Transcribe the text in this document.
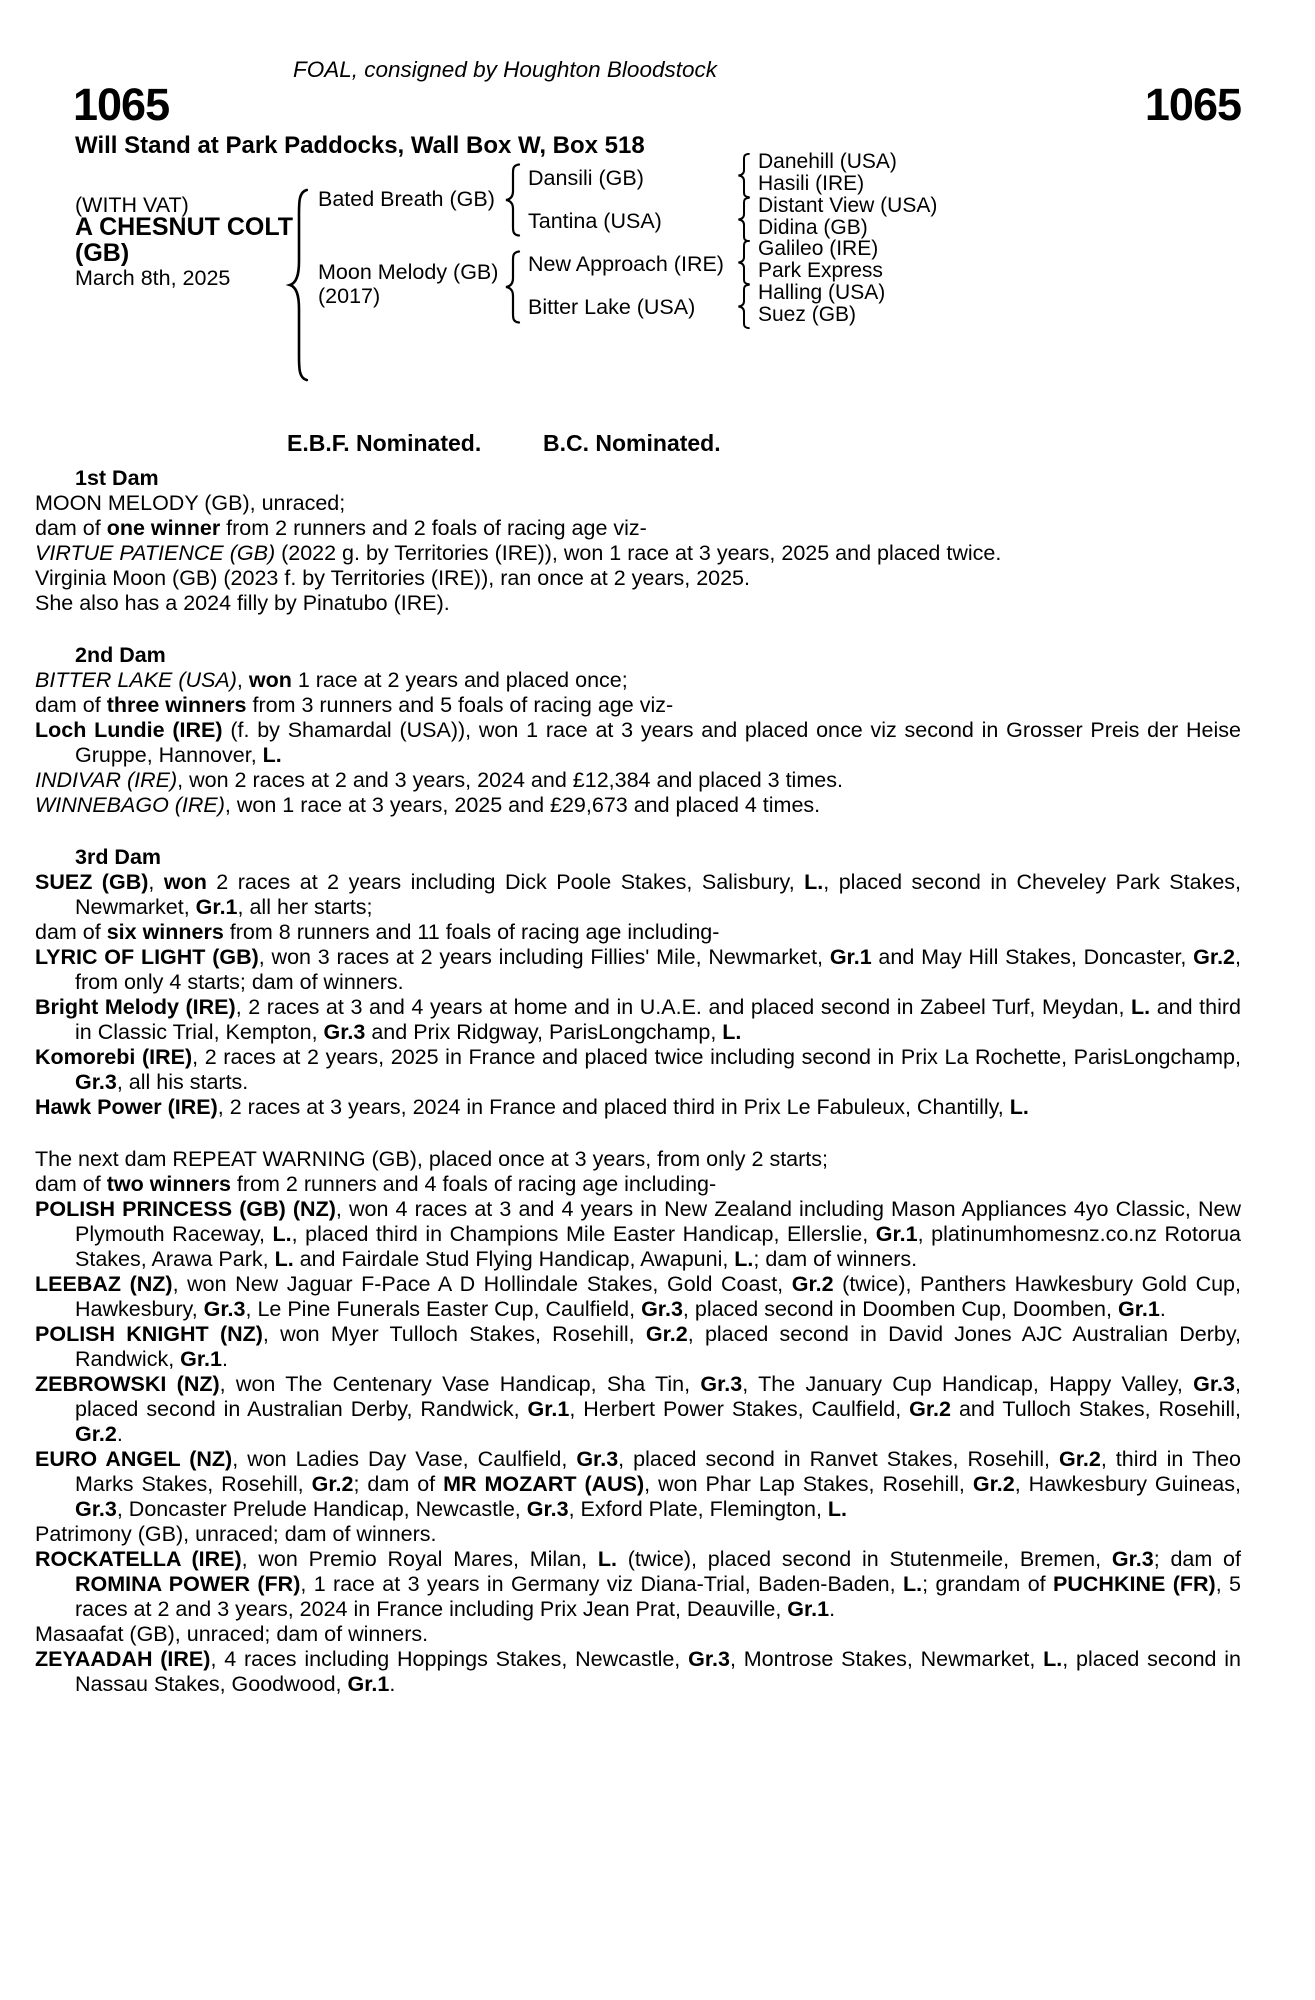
FOAL, consigned by Houghton Bloodstock
1065	1065
Will Stand at Park Paddocks, Wall Box W, Box 518
(WITH VAT)
A CHESNUT COLT
(GB)
March 8th, 2025
Bated Breath (GB)
Moon Melody (GB)
(2017)
Dansili (GB)
Tantina (USA)
New Approach (IRE)
Bitter Lake (USA)
Danehill (USA)
Hasili (IRE)
Distant View (USA)
Didina (GB)
Galileo (IRE)
Park Express
Halling (USA)
Suez (GB)
E.B.F. Nominated.	B.C. Nominated.
1st Dam

MOON MELODY (GB), unraced;

dam of one winner from 2 runners and 2 foals of racing age viz-

VIRTUE PATIENCE (GB) (2022 g. by Territories (IRE)), won 1 race at 3 years, 2025 and placed twice.

Virginia Moon (GB) (2023 f. by Territories (IRE)), ran once at 2 years, 2025.

She also has a 2024 filly by Pinatubo (IRE).

2nd Dam

BITTER LAKE (USA), won 1 race at 2 years and placed once;

dam of three winners from 3 runners and 5 foals of racing age viz-

Loch Lundie (IRE) (f. by Shamardal (USA)), won 1 race at 3 years and placed once viz second in Grosser Preis der Heise Gruppe, Hannover, L.

INDIVAR (IRE), won 2 races at 2 and 3 years, 2024 and £12,384 and placed 3 times.

WINNEBAGO (IRE), won 1 race at 3 years, 2025 and £29,673 and placed 4 times.

3rd Dam

SUEZ (GB), won 2 races at 2 years including Dick Poole Stakes, Salisbury, L., placed second in Cheveley Park Stakes, Newmarket, Gr.1, all her starts;

dam of six winners from 8 runners and 11 foals of racing age including-

LYRIC OF LIGHT (GB), won 3 races at 2 years including Fillies' Mile, Newmarket, Gr.1 and May Hill Stakes, Doncaster, Gr.2, from only 4 starts; dam of winners.

Bright Melody (IRE), 2 races at 3 and 4 years at home and in U.A.E. and placed second in Zabeel Turf, Meydan, L. and third in Classic Trial, Kempton, Gr.3 and Prix Ridgway, ParisLongchamp, L.

Komorebi (IRE), 2 races at 2 years, 2025 in France and placed twice including second in Prix La Rochette, ParisLongchamp, Gr.3, all his starts.

Hawk Power (IRE), 2 races at 3 years, 2024 in France and placed third in Prix Le Fabuleux, Chantilly, L.

The next dam REPEAT WARNING (GB), placed once at 3 years, from only 2 starts;

dam of two winners from 2 runners and 4 foals of racing age including-

POLISH PRINCESS (GB) (NZ), won 4 races at 3 and 4 years in New Zealand including Mason Appliances 4yo Classic, New Plymouth Raceway, L., placed third in Champions Mile Easter Handicap, Ellerslie, Gr.1, platinumhomesnz.co.nz Rotorua Stakes, Arawa Park, L. and Fairdale Stud Flying Handicap, Awapuni, L.; dam of winners.

LEEBAZ (NZ), won New Jaguar F-Pace A D Hollindale Stakes, Gold Coast, Gr.2 (twice), Panthers Hawkesbury Gold Cup, Hawkesbury, Gr.3, Le Pine Funerals Easter Cup, Caulfield, Gr.3, placed second in Doomben Cup, Doomben, Gr.1.

POLISH KNIGHT (NZ), won Myer Tulloch Stakes, Rosehill, Gr.2, placed second in David Jones AJC Australian Derby, Randwick, Gr.1.

ZEBROWSKI (NZ), won The Centenary Vase Handicap, Sha Tin, Gr.3, The January Cup Handicap, Happy Valley, Gr.3, placed second in Australian Derby, Randwick, Gr.1, Herbert Power Stakes, Caulfield, Gr.2 and Tulloch Stakes, Rosehill, Gr.2.

EURO ANGEL (NZ), won Ladies Day Vase, Caulfield, Gr.3, placed second in Ranvet Stakes, Rosehill, Gr.2, third in Theo Marks Stakes, Rosehill, Gr.2; dam of MR MOZART (AUS), won Phar Lap Stakes, Rosehill, Gr.2, Hawkesbury Guineas, Gr.3, Doncaster Prelude Handicap, Newcastle, Gr.3, Exford Plate, Flemington, L.

Patrimony (GB), unraced; dam of winners.

ROCKATELLA (IRE), won Premio Royal Mares, Milan, L. (twice), placed second in Stutenmeile, Bremen, Gr.3; dam of ROMINA POWER (FR), 1 race at 3 years in Germany viz Diana-Trial, Baden-Baden, L.; grandam of PUCHKINE (FR), 5 races at 2 and 3 years, 2024 in France including Prix Jean Prat, Deauville, Gr.1.

Masaafat (GB), unraced; dam of winners.

ZEYAADAH (IRE), 4 races including Hoppings Stakes, Newcastle, Gr.3, Montrose Stakes, Newmarket, L., placed second in Nassau Stakes, Goodwood, Gr.1.
